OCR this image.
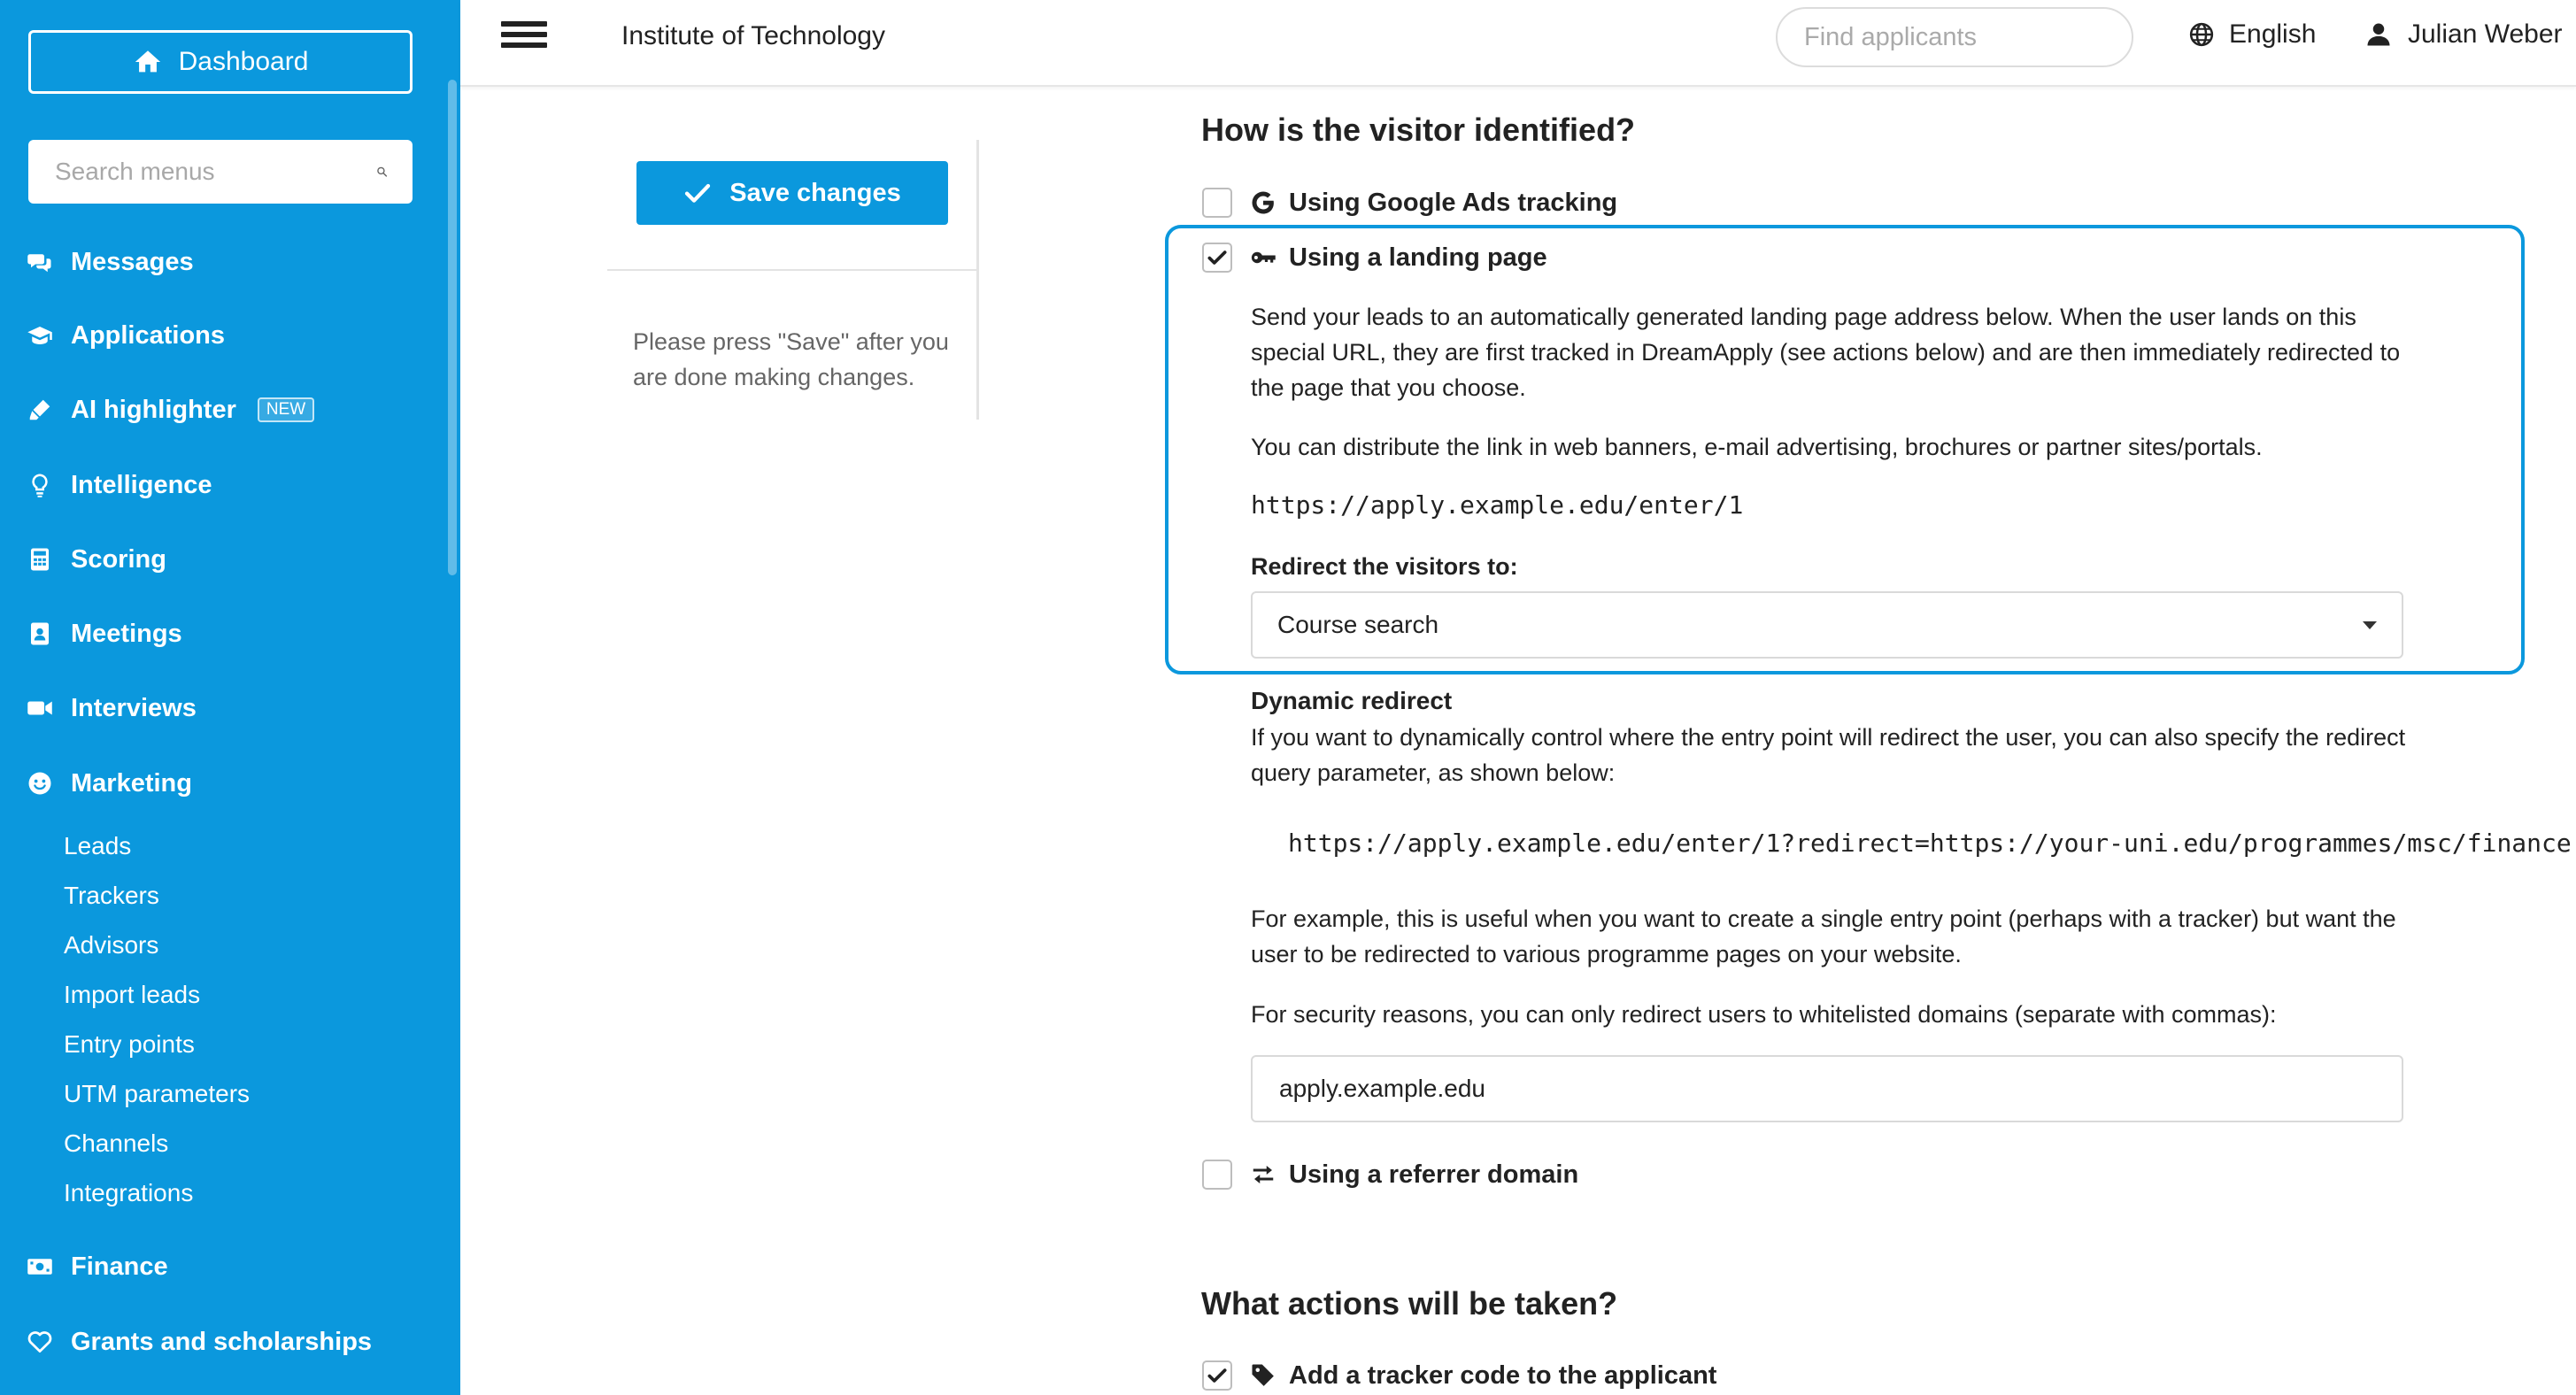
Dashboard
Search menus
Messages
Applications
AI highlighter	NEW
Intelligence
Scoring
Meetings
Interviews
Marketing
Leads
Trackers
Advisors
Import leads
Entry points
UTM parameters
Channels
Integrations
Finance
Grants and scholarships
Institute of Technology
Find applicants	English	Julian Weber
Save changes
Please press "Save" after you are done making changes.
How is the visitor identified?
Using Google Ads tracking
Using a landing page
Send your leads to an automatically generated landing page address below. When the user lands on this special URL, they are first tracked in DreamApply (see actions below) and are then immediately redirected to the page that you choose.
You can distribute the link in web banners, e-mail advertising, brochures or partner sites/portals.
https://apply.example.edu/enter/1
Redirect the visitors to:
Course search
Dynamic redirect
If you want to dynamically control where the entry point will redirect the user, you can also specify the redirect query parameter, as shown below:
https://apply.example.edu/enter/1?redirect=https://your-uni.edu/programmes/msc/finance
For example, this is useful when you want to create a single entry point (perhaps with a tracker) but want the user to be redirected to various programme pages on your website.
For security reasons, you can only redirect users to whitelisted domains (separate with commas):
apply.example.edu
Using a referrer domain
What actions will be taken?
Add a tracker code to the applicant
